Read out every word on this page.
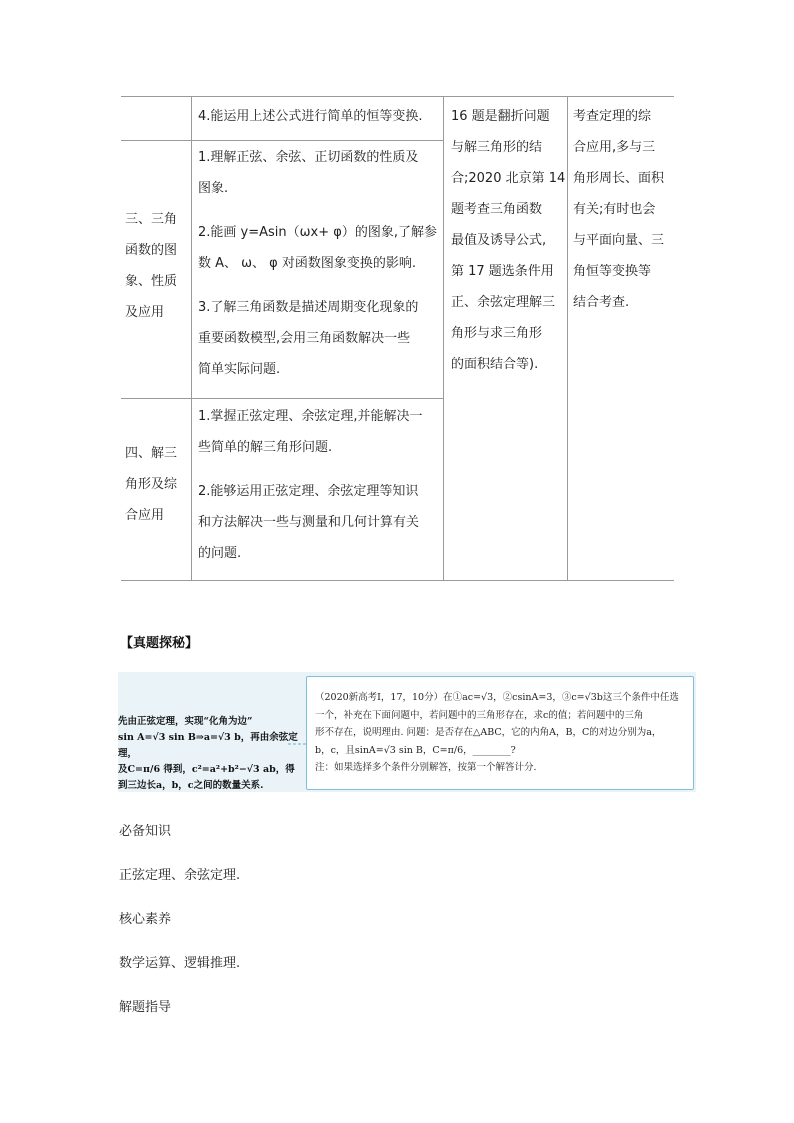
4.能运用上述公式进行简单的恒等变换.
三、三角
函数的图
象、性质
及应用
1.理解正弦、余弦、正切函数的性质及
图象.
2.能画 y=Asin（ωx+ φ）的图象,了解参
数 A、 ω、 φ 对函数图象变换的影响.
3.了解三角函数是描述周期变化现象的
重要函数模型,会用三角函数解决一些
简单实际问题.
四、解三
角形及综
合应用
1.掌握正弦定理、余弦定理,并能解决一
些简单的解三角形问题.
2.能够运用正弦定理、余弦定理等知识
和方法解决一些与测量和几何计算有关
的问题.
16 题是翻折问题
与解三角形的结
合;2020 北京第 14
题考查三角函数
最值及诱导公式,
第 17 题选条件用
正、余弦定理解三
角形与求三角形
的面积结合等).
考查定理的综
合应用,多与三
角形周长、面积
有关;有时也会
与平面向量、三
角恒等变换等
结合考查.
【真题探秘】
先由正弦定理，实现“化角为边”
sin A=√3 sin B⇒a=√3 b，再由余弦定理，
及C=π/6 得到，c²=a²+b²−√3 ab，得
到三边长a，b，c之间的数量关系.
（2020新高考Ⅰ，17，10分）在①ac=√3，②csinA=3，③c=√3b这三个条件中任选
一个，补充在下面问题中，若问题中的三角形存在，求c的值；若问题中的三角
形不存在，说明理由. 问题：是否存在△ABC，它的内角A，B，C的对边分别为a，
b，c，且sinA=√3 sin B，C=π/6，________?
注：如果选择多个条件分别解答，按第一个解答计分.
必备知识
正弦定理、余弦定理.
核心素养
数学运算、逻辑推理.
解题指导
